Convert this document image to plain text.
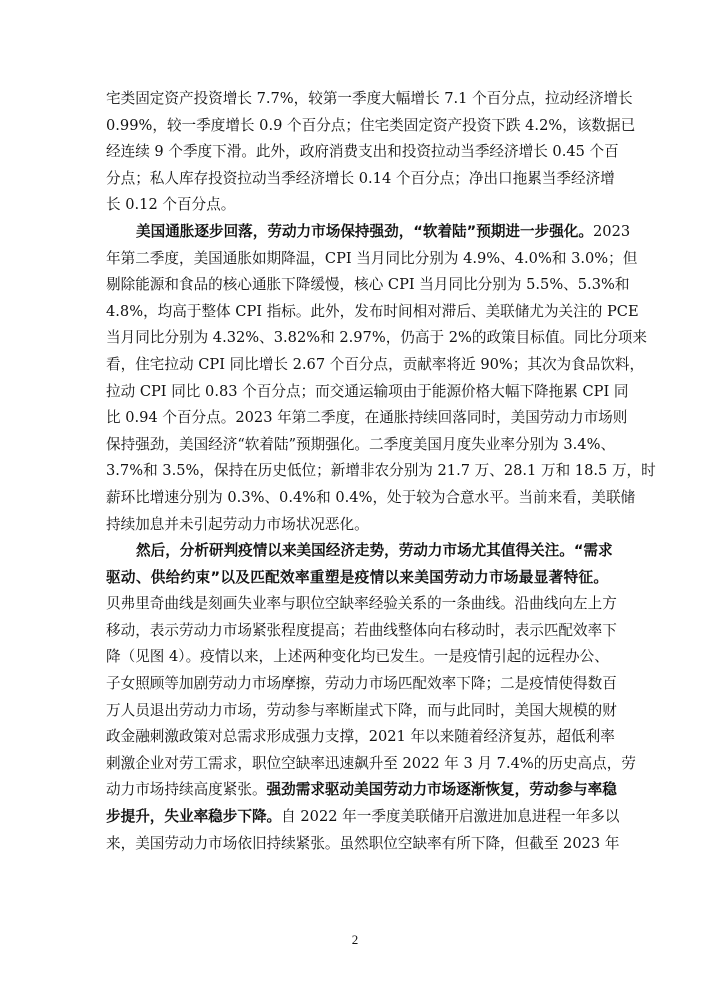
宅类固定资产投资增长 7.7%，较第一季度大幅增长 7.1 个百分点，拉动经济增长
0.99%，较一季度增长 0.9 个百分点；住宅类固定资产投资下跌 4.2%，该数据已
经连续 9 个季度下滑。此外，政府消费支出和投资拉动当季经济增长 0.45 个百
分点；私人库存投资拉动当季经济增长 0.14 个百分点；净出口拖累当季经济增
长 0.12 个百分点。
美国通胀逐步回落，劳动力市场保持强劲，“软着陆”预期进一步强化。2023
年第二季度，美国通胀如期降温，CPI 当月同比分别为 4.9%、4.0%和 3.0%；但
剔除能源和食品的核心通胀下降缓慢，核心 CPI 当月同比分别为 5.5%、5.3%和
4.8%，均高于整体 CPI 指标。此外，发布时间相对滞后、美联储尤为关注的 PCE
当月同比分别为 4.32%、3.82%和 2.97%，仍高于 2%的政策目标值。同比分项来
看，住宅拉动 CPI 同比增长 2.67 个百分点，贡献率将近 90%；其次为食品饮料，
拉动 CPI 同比 0.83 个百分点；而交通运输项由于能源价格大幅下降拖累 CPI 同
比 0.94 个百分点。2023 年第二季度，在通胀持续回落同时，美国劳动力市场则
保持强劲，美国经济“软着陆”预期强化。二季度美国月度失业率分别为 3.4%、
3.7%和 3.5%，保持在历史低位；新增非农分别为 21.7 万、28.1 万和 18.5 万，时
薪环比增速分别为 0.3%、0.4%和 0.4%，处于较为合意水平。当前来看，美联储
持续加息并未引起劳动力市场状况恶化。
然后，分析研判疫情以来美国经济走势，劳动力市场尤其值得关注。“需求
驱动、供给约束”以及匹配效率重塑是疫情以来美国劳动力市场最显著特征。
贝弗里奇曲线是刻画失业率与职位空缺率经验关系的一条曲线。沿曲线向左上方
移动，表示劳动力市场紧张程度提高；若曲线整体向右移动时，表示匹配效率下
降（见图 4）。疫情以来，上述两种变化均已发生。一是疫情引起的远程办公、
子女照顾等加剧劳动力市场摩擦，劳动力市场匹配效率下降；二是疫情使得数百
万人员退出劳动力市场，劳动参与率断崖式下降，而与此同时，美国大规模的财
政金融刺激政策对总需求形成强力支撑，2021 年以来随着经济复苏，超低利率
刺激企业对劳工需求，职位空缺率迅速飙升至 2022 年 3 月 7.4%的历史高点，劳
动力市场持续高度紧张。强劲需求驱动美国劳动力市场逐渐恢复，劳动参与率稳
步提升，失业率稳步下降。自 2022 年一季度美联储开启激进加息进程一年多以
来，美国劳动力市场依旧持续紧张。虽然职位空缺率有所下降，但截至 2023 年
2
